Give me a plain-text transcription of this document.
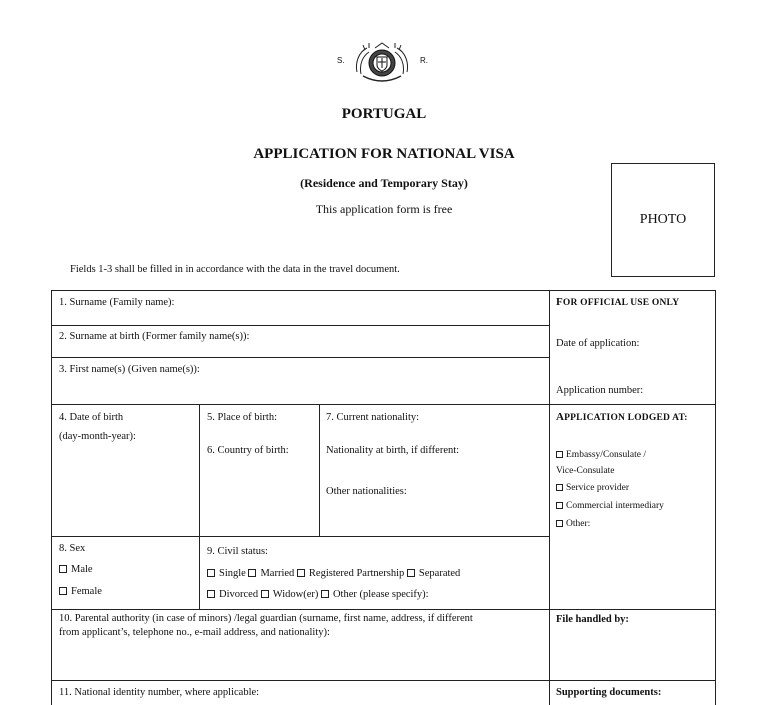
S.	R.
PORTUGAL
APPLICATION FOR NATIONAL VISA
(Residence and Temporary Stay)
This application form is free
PHOTO
Fields 1-3 shall be filled in in accordance with the data in the travel document.
1. Surname (Family name):
2. Surname at birth (Former family name(s)):
3. First name(s) (Given name(s)):
4. Date of birth
(day-month-year):
5. Place of birth:
6. Country of birth:
7. Current nationality:
Nationality at birth, if different:
Other nationalities:
8. Sex
Male
Female
9. Civil status:
Single Married Registered Partnership Separated
Divorced Widow(er) Other (please specify):
10. Parental authority (in case of minors) /legal guardian (surname, first name, address, if different
from applicant’s, telephone no., e-mail address, and nationality):
11. National identity number, where applicable:
FOR OFFICIAL USE ONLY
Date of application:
Application number:
APPLICATION LODGED AT:
Embassy/Consulate /
Vice-Consulate
Service provider
Commercial intermediary
Other:
File handled by:
Supporting documents:
